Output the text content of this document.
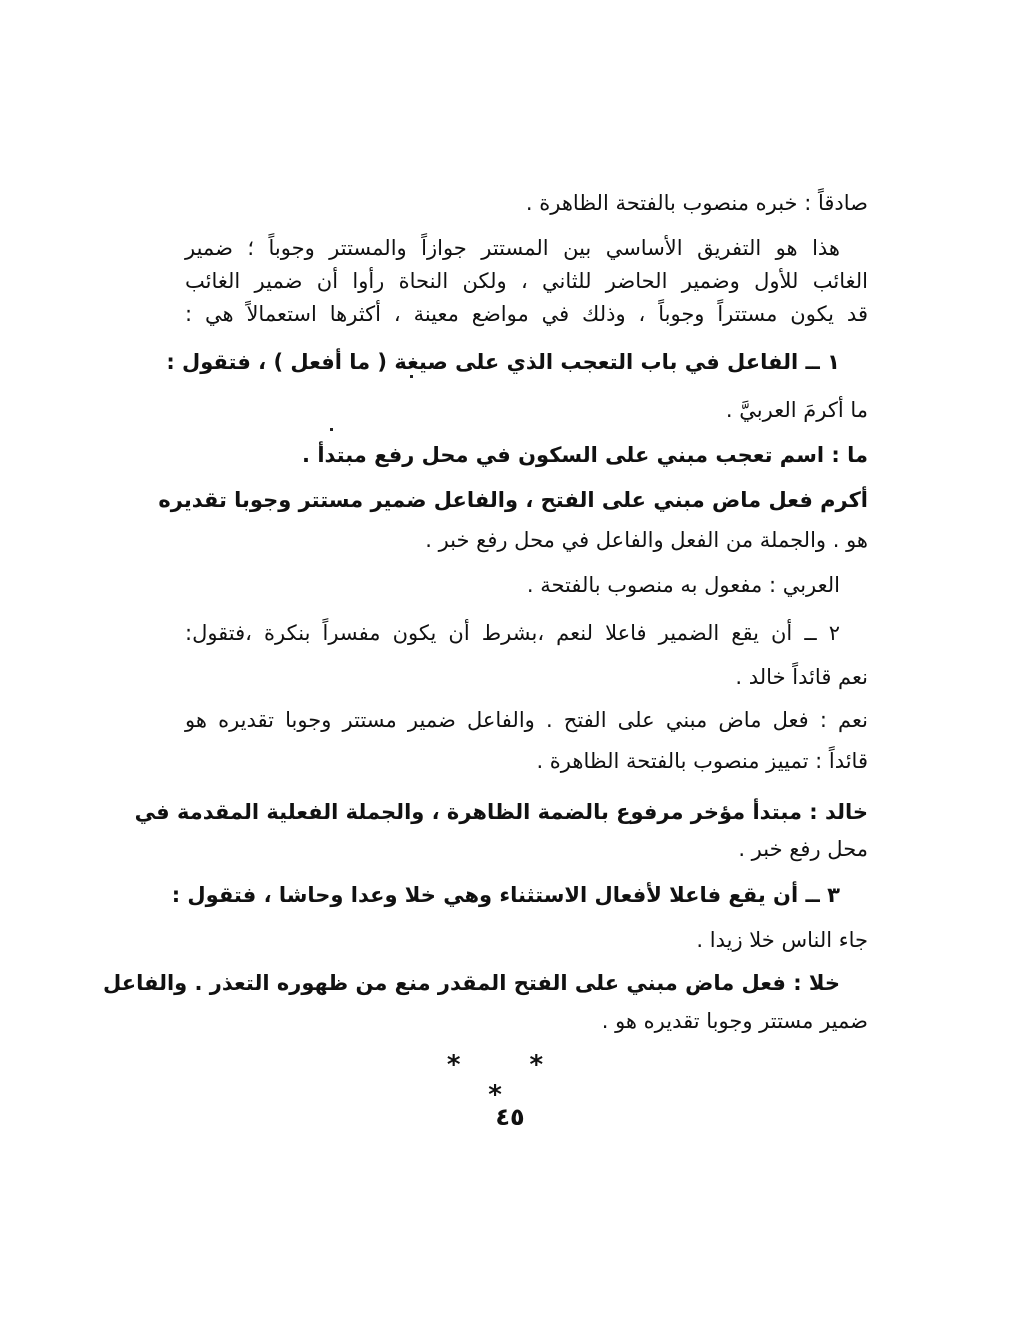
صادقاً : خبره منصوب بالفتحة الظاهرة .
هذا هو التفريق الأساسي بين المستتر جوازاً والمستتر وجوباً ؛ ضمير
الغائب للأول وضمير الحاضر للثاني ، ولكن النحاة رأوا أن ضمير الغائب
قد يكون مستتراً وجوباً ، وذلك في مواضع معينة ، أكثرها استعمالاً هي :
١ ــ الفاعل في باب التعجب الذي على صيغة ( ما أفعل ) ، فتقول :
ما أكرمَ العربيَّ .
ما : اسم تعجب مبني على السكون في محل رفع مبتدأ .
أكرم فعل ماض مبني على الفتح ، والفاعل ضمير مستتر وجوبا تقديره
هو . والجملة من الفعل والفاعل في محل رفع خبر .
العربي : مفعول به منصوب بالفتحة .
٢ ــ أن يقع الضمير فاعلا لنعم ،بشرط أن يكون مفسراً بنكرة ،فتقول:
نعم قائداً خالد .
نعم : فعل ماض مبني على الفتح . والفاعل ضمير مستتر وجوبا تقديره هو
قائداً : تمييز منصوب بالفتحة الظاهرة .
خالد : مبتدأ مؤخر مرفوع بالضمة الظاهرة ، والجملة الفعلية المقدمة في
محل رفع خبر .
٣ ــ أن يقع فاعلا لأفعال الاستثناء وهي خلا وعدا وحاشا ، فتقول :
جاء الناس خلا زيدا .
خلا : فعل ماض مبني على الفتح المقدر منع من ظهوره التعذر . والفاعل
ضمير مستتر وجوبا تقديره هو .
* * *
٤٥
